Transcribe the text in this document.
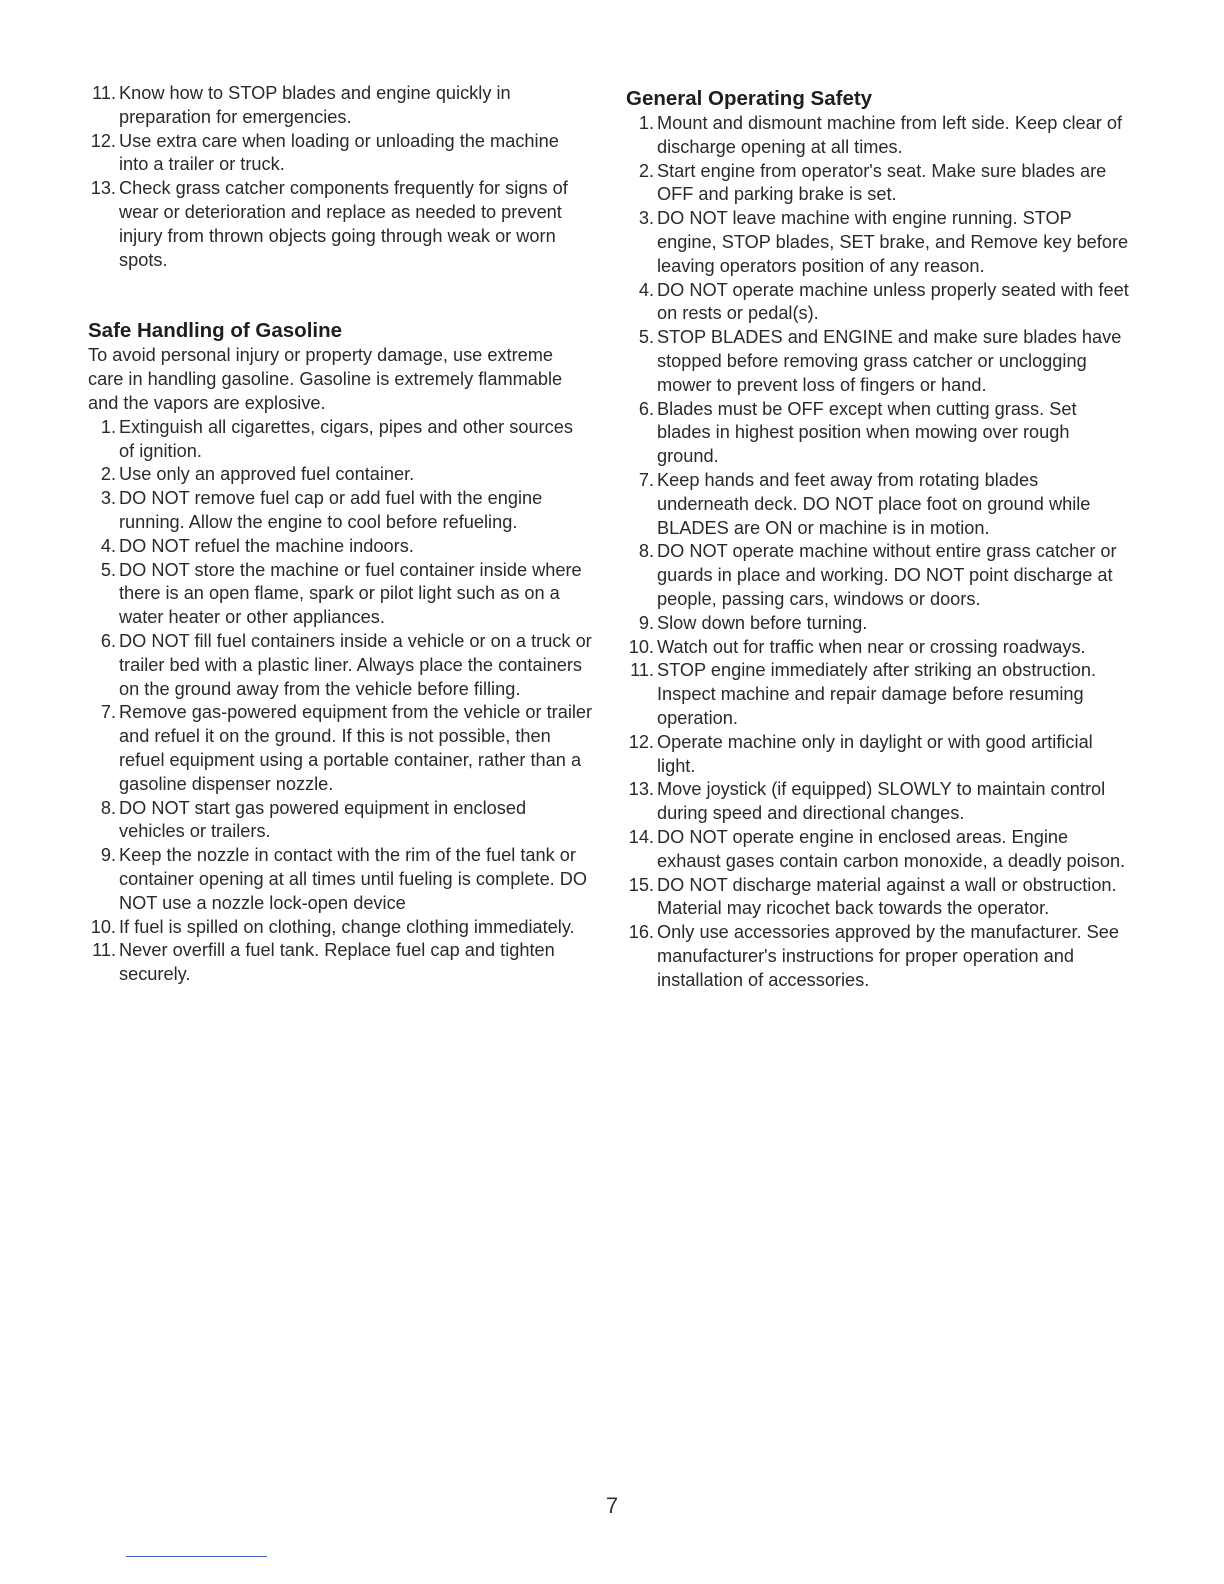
11. Know how to STOP blades and engine quickly in preparation for emergencies.
12. Use extra care when loading or unloading the machine into a trailer or truck.
13. Check grass catcher components frequently for signs of wear or deterioration and replace as needed to prevent injury from thrown objects going through weak or worn spots.
Safe Handling of Gasoline

To avoid personal injury or property damage, use extreme care in handling gasoline. Gasoline is extremely flammable and the vapors are explosive.

1. Extinguish all cigarettes, cigars, pipes and other sources of ignition.
2. Use only an approved fuel container.
3. DO NOT remove fuel cap or add fuel with the engine running. Allow the engine to cool before refueling.
4. DO NOT refuel the machine indoors.
5. DO NOT store the machine or fuel container inside where there is an open flame, spark or pilot light such as on a water heater or other appliances.
6. DO NOT fill fuel containers inside a vehicle or on a truck or trailer bed with a plastic liner. Always place the containers on the ground away from the vehicle before filling.
7. Remove gas-powered equipment from the vehicle or trailer and refuel it on the ground. If this is not possible, then refuel equipment using a portable container, rather than a gasoline dispenser nozzle.
8. DO NOT start gas powered equipment in enclosed vehicles or trailers.
9. Keep the nozzle in contact with the rim of the fuel tank or container opening at all times until fueling is complete. DO NOT use a nozzle lock-open device
10. If fuel is spilled on clothing, change clothing immediately.
11. Never overfill a fuel tank. Replace fuel cap and tighten securely.
General Operating Safety
1. Mount and dismount machine from left side. Keep clear of discharge opening at all times.
2. Start engine from operator's seat. Make sure blades are OFF and parking brake is set.
3. DO NOT leave machine with engine running. STOP engine, STOP blades, SET brake, and Remove key before leaving operators position of any reason.
4. DO NOT operate machine unless properly seated with feet on rests or pedal(s).
5. STOP BLADES and ENGINE and make sure blades have stopped before removing grass catcher or unclogging mower to prevent loss of fingers or hand.
6. Blades must be OFF except when cutting grass. Set blades in highest position when mowing over rough ground.
7. Keep hands and feet away from rotating blades underneath deck. DO NOT place foot on ground while BLADES are ON or machine is in motion.
8. DO NOT operate machine without entire grass catcher or guards in place and working. DO NOT point discharge at people, passing cars, windows or doors.
9. Slow down before turning.
10. Watch out for traffic when near or crossing roadways.
11. STOP engine immediately after striking an obstruction. Inspect machine and repair damage before resuming operation.
12. Operate machine only in daylight or with good artificial light.
13. Move joystick (if equipped) SLOWLY to maintain control during speed and directional changes.
14. DO NOT operate engine in enclosed areas. Engine exhaust gases contain carbon monoxide, a deadly poison.
15. DO NOT discharge material against a wall or obstruction. Material may ricochet back towards the operator.
16. Only use accessories approved by the manufacturer. See manufacturer's instructions for proper operation and installation of accessories.
7
